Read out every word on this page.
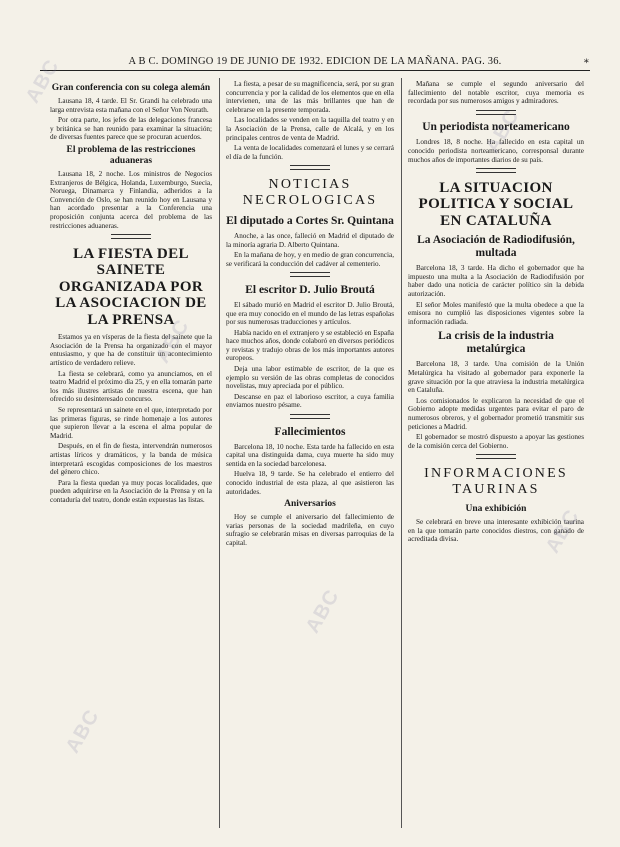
A B C. DOMINGO 19 DE JUNIO DE 1932. EDICION DE LA MAÑANA. PAG. 36.	∗
Gran conferencia con su colega alemán

Lausana 18, 4 tarde. El Sr. Grandi ha celebrado una larga entrevista esta mañana con el Señor Von Neurath.

Por otra parte, los jefes de las delegaciones francesa y británica se han reunido para examinar la situación; de diversas fuentes parece que se procuran acuerdos.

El problema de las restricciones aduaneras

Lausana 18, 2 noche. Los ministros de Negocios Extranjeros de Bélgica, Holanda, Luxemburgo, Suecia, Noruega, Dinamarca y Finlandia, adheridos a la Convención de Oslo, se han reunido hoy en Lausana y han acordado presentar a la Conferencia una proposición conjunta acerca del problema de las restricciones aduaneras.

LA FIESTA DEL SAINETE ORGANIZADA POR LA ASOCIACION DE LA PRENSA

Estamos ya en vísperas de la fiesta del sainete que la Asociación de la Prensa ha organizado con el mayor entusiasmo, y que ha de constituir un acontecimiento artístico de verdadero relieve.

La fiesta se celebrará, como ya anunciamos, en el teatro Madrid el próximo día 25, y en ella tomarán parte los más ilustres artistas de nuestra escena, que han ofrecido su desinteresado concurso.

Se representará un sainete en el que, interpretado por las primeras figuras, se rinde homenaje a los autores que supieron llevar a la escena el alma popular de Madrid.

Después, en el fin de fiesta, intervendrán numerosos artistas líricos y dramáticos, y la banda de música interpretará escogidas composiciones de los maestros del género chico.

Para la fiesta quedan ya muy pocas localidades, que pueden adquirirse en la Asociación de la Prensa y en la contaduría del teatro, donde están expuestas las listas.

La fiesta, a pesar de su magnificencia, será, por su gran concurrencia y por la calidad de los elementos que en ella intervienen, una de las más brillantes que han de celebrarse en la presente temporada.

Las localidades se venden en la taquilla del teatro y en la Asociación de la Prensa, calle de Alcalá, y en los principales centros de venta de Madrid.

La venta de localidades comenzará el lunes y se cerrará el día de la función.

NOTICIAS NECROLOGICAS
El diputado a Cortes Sr. Quintana

Anoche, a las once, falleció en Madrid el diputado de la minoría agraria D. Alberto Quintana.

En la mañana de hoy, y en medio de gran concurrencia, se verificará la conducción del cadáver al cementerio.

El escritor D. Julio Broutá

El sábado murió en Madrid el escritor D. Julio Broutá, que era muy conocido en el mundo de las letras españolas por sus numerosas traducciones y artículos.

Había nacido en el extranjero y se estableció en España hace muchos años, donde colaboró en diversos periódicos y revistas y tradujo obras de los más importantes autores europeos.

Deja una labor estimable de escritor, de la que es ejemplo su versión de las obras completas de conocidos novelistas, muy apreciada por el público.

Descanse en paz el laborioso escritor, a cuya familia enviamos nuestro pésame.

Fallecimientos

Barcelona 18, 10 noche. Esta tarde ha fallecido en esta capital una distinguida dama, cuya muerte ha sido muy sentida en la sociedad barcelonesa.

Huelva 18, 9 tarde. Se ha celebrado el entierro del conocido industrial de esta plaza, al que asistieron las autoridades.

Aniversarios

Hoy se cumple el aniversario del fallecimiento de varias personas de la sociedad madrileña, en cuyo sufragio se celebrarán misas en diversas parroquias de la capital.

Mañana se cumple el segundo aniversario del fallecimiento del notable escritor, cuya memoria es recordada por sus numerosos amigos y admiradores.

Un periodista norteamericano

Londres 18, 8 noche. Ha fallecido en esta capital un conocido periodista norteamericano, corresponsal durante muchos años de importantes diarios de su país.

LA SITUACION POLITICA Y SOCIAL EN CATALUÑA
La Asociación de Radiodifusión, multada

Barcelona 18, 3 tarde. Ha dicho el gobernador que ha impuesto una multa a la Asociación de Radiodifusión por haber dado una noticia de carácter político sin la debida autorización.

El señor Moles manifestó que la multa obedece a que la emisora no cumplió las disposiciones vigentes sobre la información radiada.

La crisis de la industria metalúrgica

Barcelona 18, 3 tarde. Una comisión de la Unión Metalúrgica ha visitado al gobernador para exponerle la grave situación por la que atraviesa la industria metalúrgica en Cataluña.

Los comisionados le explicaron la necesidad de que el Gobierno adopte medidas urgentes para evitar el paro de numerosos obreros, y el gobernador prometió transmitir sus peticiones a Madrid.

El gobernador se mostró dispuesto a apoyar las gestiones de la comisión cerca del Gobierno.

INFORMACIONES TAURINAS
Una exhibición

Se celebrará en breve una interesante exhibición taurina en la que tomarán parte conocidos diestros, con ganado de acreditada divisa.

ABC
ABC
ABC
ABC
ABC
ABC
